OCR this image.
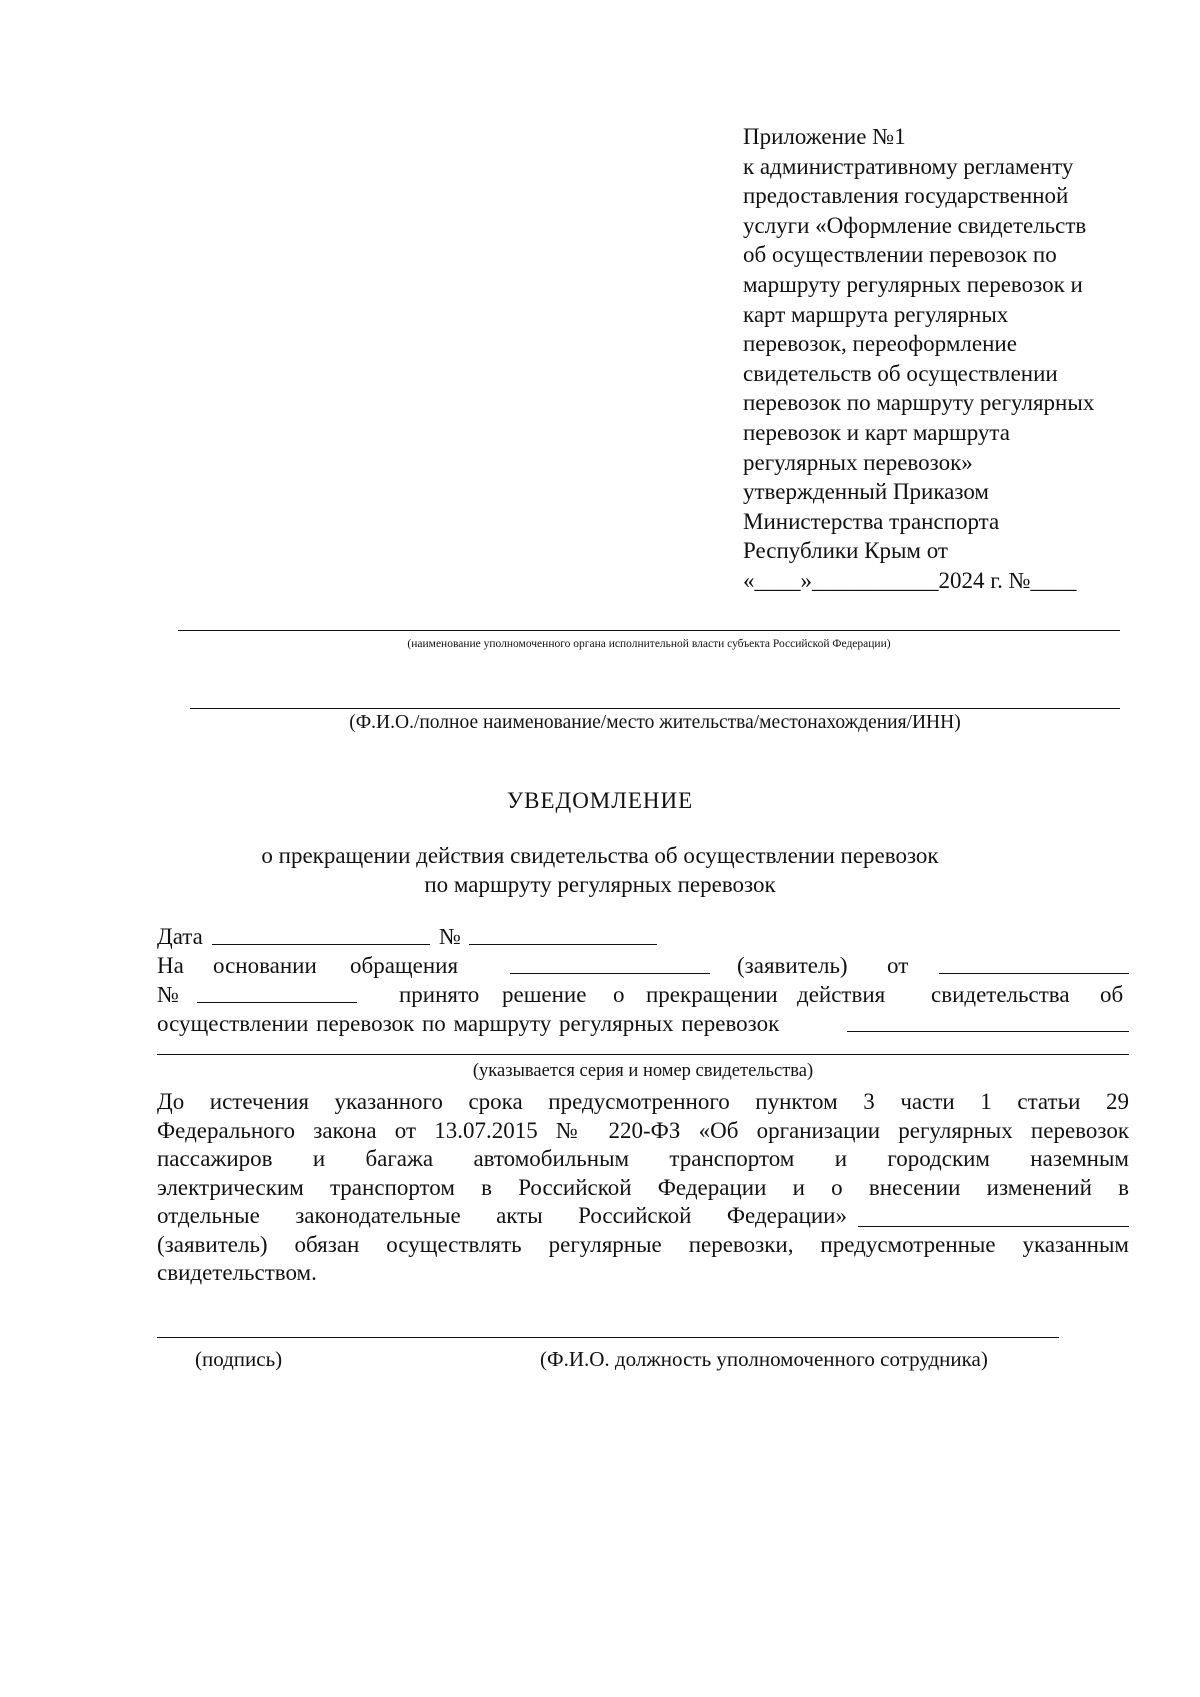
Приложение №1
к административному регламенту
предоставления государственной
услуги «Оформление свидетельств
об осуществлении перевозок по
маршруту регулярных перевозок и
карт маршрута регулярных
перевозок, переоформление
свидетельств об осуществлении
перевозок по маршруту регулярных
перевозок и карт маршрута
регулярных перевозок»
утвержденный Приказом
Министерства транспорта
Республики Крым от
«____»___________2024 г. №____
(наименование уполномоченного органа исполнительной власти субъекта Российской Федерации)
(Ф.И.О./полное наименование/место жительства/местонахождения/ИНН)
УВЕДОМЛЕНИЕ
о прекращении действия свидетельства об осуществлении перевозок
по маршруту регулярных перевозок
Дата	№
На основании обращения	(заявитель) от
№	принято решение о прекращении действия свидетельства об
осуществлении перевозок по маршруту регулярных перевозок
(указывается серия и номер свидетельства)
До истечения указанного срока предусмотренного пунктом 3 части 1 статьи 29
Федерального закона от 13.07.2015 № 220-ФЗ «Об организации регулярных перевозок
пассажиров и багажа автомобильным транспортом и городским наземным
электрическим транспортом в Российской Федерации и о внесении изменений в
отдельные законодательные акты Российской Федерации»
(заявитель) обязан осуществлять регулярные перевозки, предусмотренные указанным
свидетельством.
(подпись)	(Ф.И.О. должность уполномоченного сотрудника)
